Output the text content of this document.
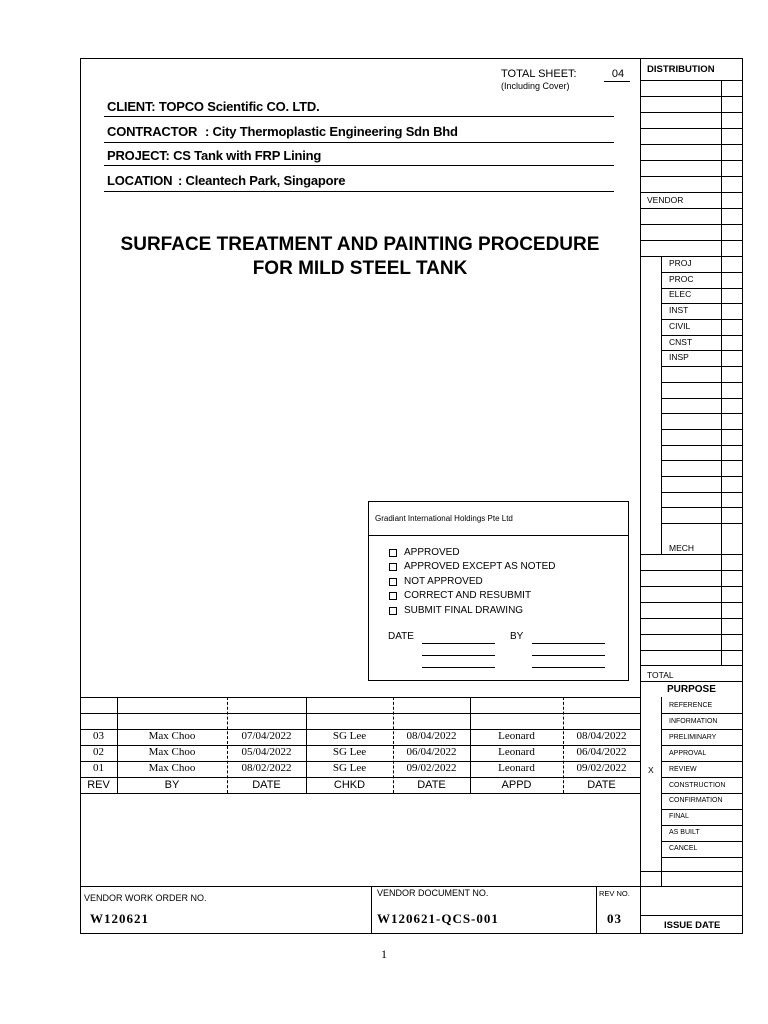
TOTAL SHEET:	04
(Including Cover)
CLIENT: TOPCO Scientific CO. LTD.
CONTRACTOR : City Thermoplastic Engineering Sdn Bhd
PROJECT: CS Tank with FRP Lining
LOCATION : Cleantech Park, Singapore
SURFACE TREATMENT AND PAINTING PROCEDURE
FOR MILD STEEL TANK
Gradiant International Holdings Pte Ltd
APPROVED
APPROVED EXCEPT AS NOTED
NOT APPROVED
CORRECT AND RESUBMIT
SUBMIT FINAL DRAWING
DATE	BY
03	Max Choo	07/04/2022	SG Lee	08/04/2022	Leonard	08/04/2022
02	Max Choo	05/04/2022	SG Lee	06/04/2022	Leonard	06/04/2022
01	Max Choo	08/02/2022	SG Lee	09/02/2022	Leonard	09/02/2022
REV	BY	DATE	CHKD	DATE	APPD	DATE
DISTRIBUTION
VENDOR
PROJ
PROC
ELEC
INST
CIVIL
CNST
INSP
MECH
TOTAL
PURPOSE
REFERENCE
INFORMATION
PRELIMINARY
APPROVAL
REVIEW
CONSTRUCTION
CONFIRMATION
FINAL
AS BUILT
CANCEL
X
ISSUE DATE
VENDOR WORK ORDER NO.
W120621
VENDOR DOCUMENT NO.
W120621-QCS-001
REV NO.
03
1
